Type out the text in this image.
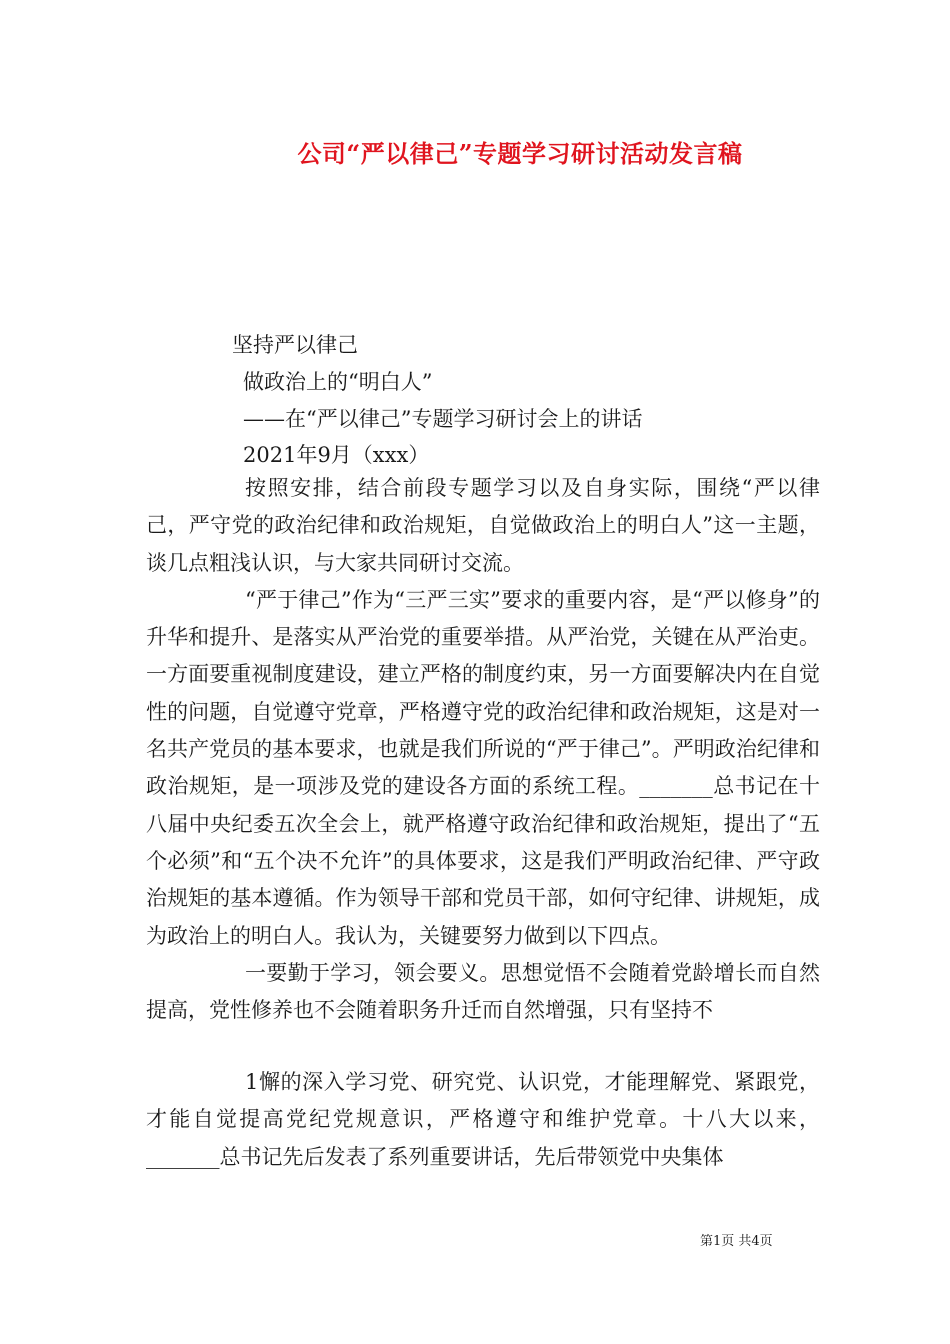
公司“严以律己”专题学习研讨活动发言稿
坚持严以律己
做政治上的“明白人”
——在“严以律己”专题学习研讨会上的讲话
2021年9月（xxx）

按照安排，结合前段专题学习以及自身实际，围绕“严以律己，严守党的政治纪律和政治规矩，自觉做政治上的明白人”这一主题，谈几点粗浅认识，与大家共同研讨交流。

“严于律己”作为“三严三实”要求的重要内容，是“严以修身”的升华和提升、是落实从严治党的重要举措。从严治党，关键在从严治吏。一方面要重视制度建设，建立严格的制度约束，另一方面要解决内在自觉性的问题，自觉遵守党章，严格遵守党的政治纪律和政治规矩，这是对一名共产党员的基本要求，也就是我们所说的“严于律己”。严明政治纪律和政治规矩，是一项涉及党的建设各方面的系统工程。_______总书记在十八届中央纪委五次全会上，就严格遵守政治纪律和政治规矩，提出了“五个必须”和“五个决不允许”的具体要求，这是我们严明政治纪律、严守政治规矩的基本遵循。作为领导干部和党员干部，如何守纪律、讲规矩，成为政治上的明白人。我认为，关键要努力做到以下四点。

一要勤于学习，领会要义。思想觉悟不会随着党龄增长而自然提高，党性修养也不会随着职务升迁而自然增强，只有坚持不

1懈的深入学习党、研究党、认识党，才能理解党、紧跟党，才能自觉提高党纪党规意识，严格遵守和维护党章。十八大以来，_______总书记先后发表了系列重要讲话，先后带领党中央集体

第1页 共4页
